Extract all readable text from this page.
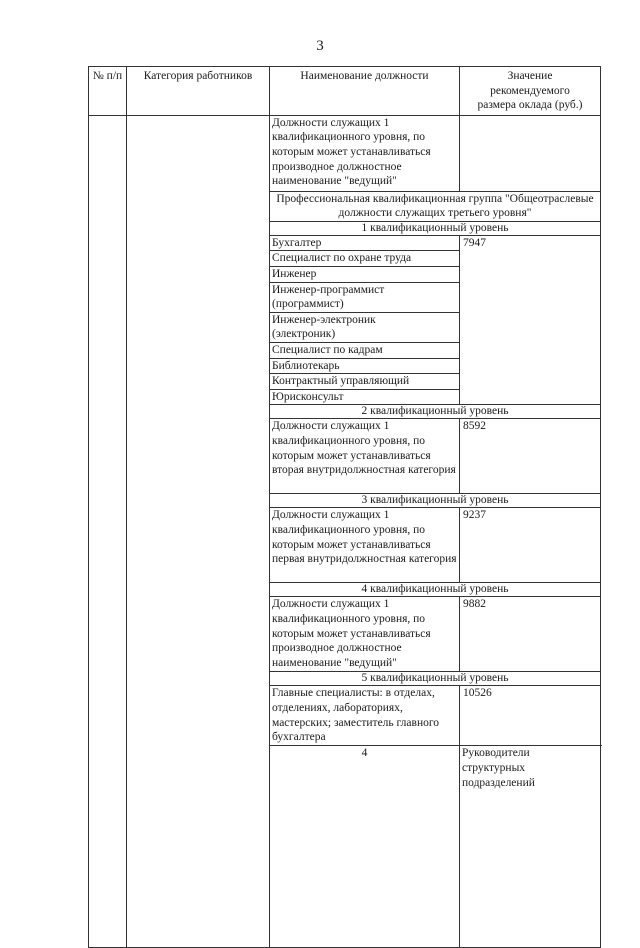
3
№ п/п	Категория работников	Наименование должности	Значение рекомендуемого размера оклада (руб.)	
		Должности служащих 1 квалификационного уровня, по которым может устанавливаться производное должностное наименование "ведущий"		
		Профессиональная квалификационная группа "Общеотраслевые должности служащих третьего уровня"		
		1 квалификационный уровень		
		Бухгалтер	7947	
		Специалист по охране труда		
		Инженер		
		Инженер-программист (программист)		
		Инженер-электроник (электроник)		
		Специалист по кадрам		
		Библиотекарь		
		Контрактный управляющий		
		Юрисконсульт		
		2 квалификационный уровень		
		Должности служащих 1 квалификационного уровня, по которым может устанавливаться вторая внутридолжностная категория	8592	
		3 квалификационный уровень		
		Должности служащих 1 квалификационного уровня, по которым может устанавливаться первая внутридолжностная категория	9237	
		4 квалификационный уровень		
		Должности служащих 1 квалификационного уровня, по которым может устанавливаться производное должностное наименование "ведущий"	9882	
		5 квалификационный уровень		
		Главные специалисты: в отделах, отделениях, лабораториях, мастерских; заместитель главного бухгалтера	10526	
		4	Руководители структурных подразделений	
